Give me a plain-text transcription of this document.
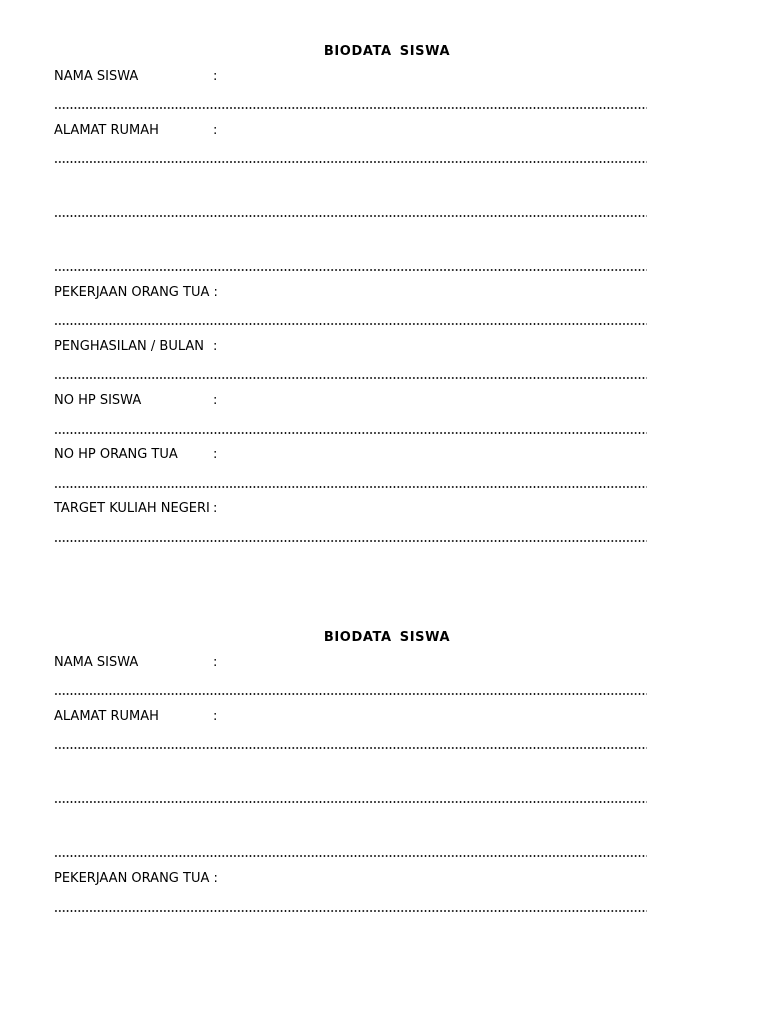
BIODATA SISWA
NAMA SISWA	:
ALAMAT RUMAH	:
PEKERJAAN ORANG TUA :
PENGHASILAN / BULAN :
NO HP SISWA	:
NO HP ORANG TUA	:
TARGET KULIAH NEGERI :
BIODATA SISWA
NAMA SISWA	:
ALAMAT RUMAH	:
PEKERJAAN ORANG TUA :
